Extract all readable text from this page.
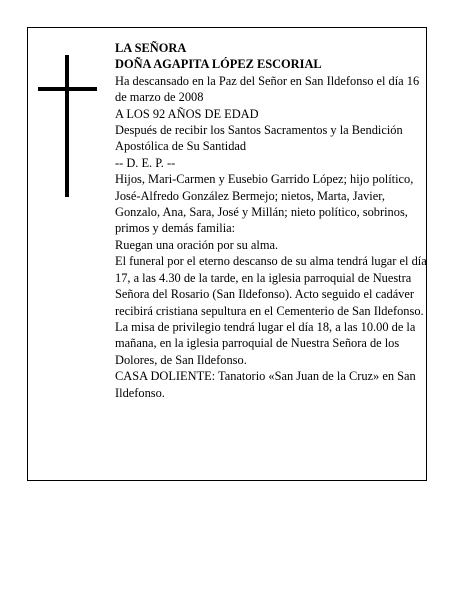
LA SEÑORA
DOÑA AGAPITA LÓPEZ ESCORIAL
Ha descansado en la Paz del Señor en San Ildefonso el día 16 de marzo de 2008
A LOS 92 AÑOS DE EDAD
Después de recibir los Santos Sacramentos y la Bendición Apostólica de Su Santidad
-- D. E. P. --
Hijos, Mari-Carmen y Eusebio Garrido López; hijo político, José-Alfredo González Bermejo; nietos, Marta, Javier, Gonzalo, Ana, Sara, José y Millán; nieto político, sobrinos, primos y demás familia:
Ruegan una oración por su alma.
El funeral por el eterno descanso de su alma tendrá lugar el día 17, a las 4.30 de la tarde, en la iglesia parroquial de Nuestra Señora del Rosario (San Ildefonso). Acto seguido el cadáver recibirá cristiana sepultura en el Cementerio de San Ildefonso.
La misa de privilegio tendrá lugar el día 18, a las 10.00 de la mañana, en la iglesia parroquial de Nuestra Señora de los Dolores, de San Ildefonso.
CASA DOLIENTE: Tanatorio «San Juan de la Cruz» en San Ildefonso.
